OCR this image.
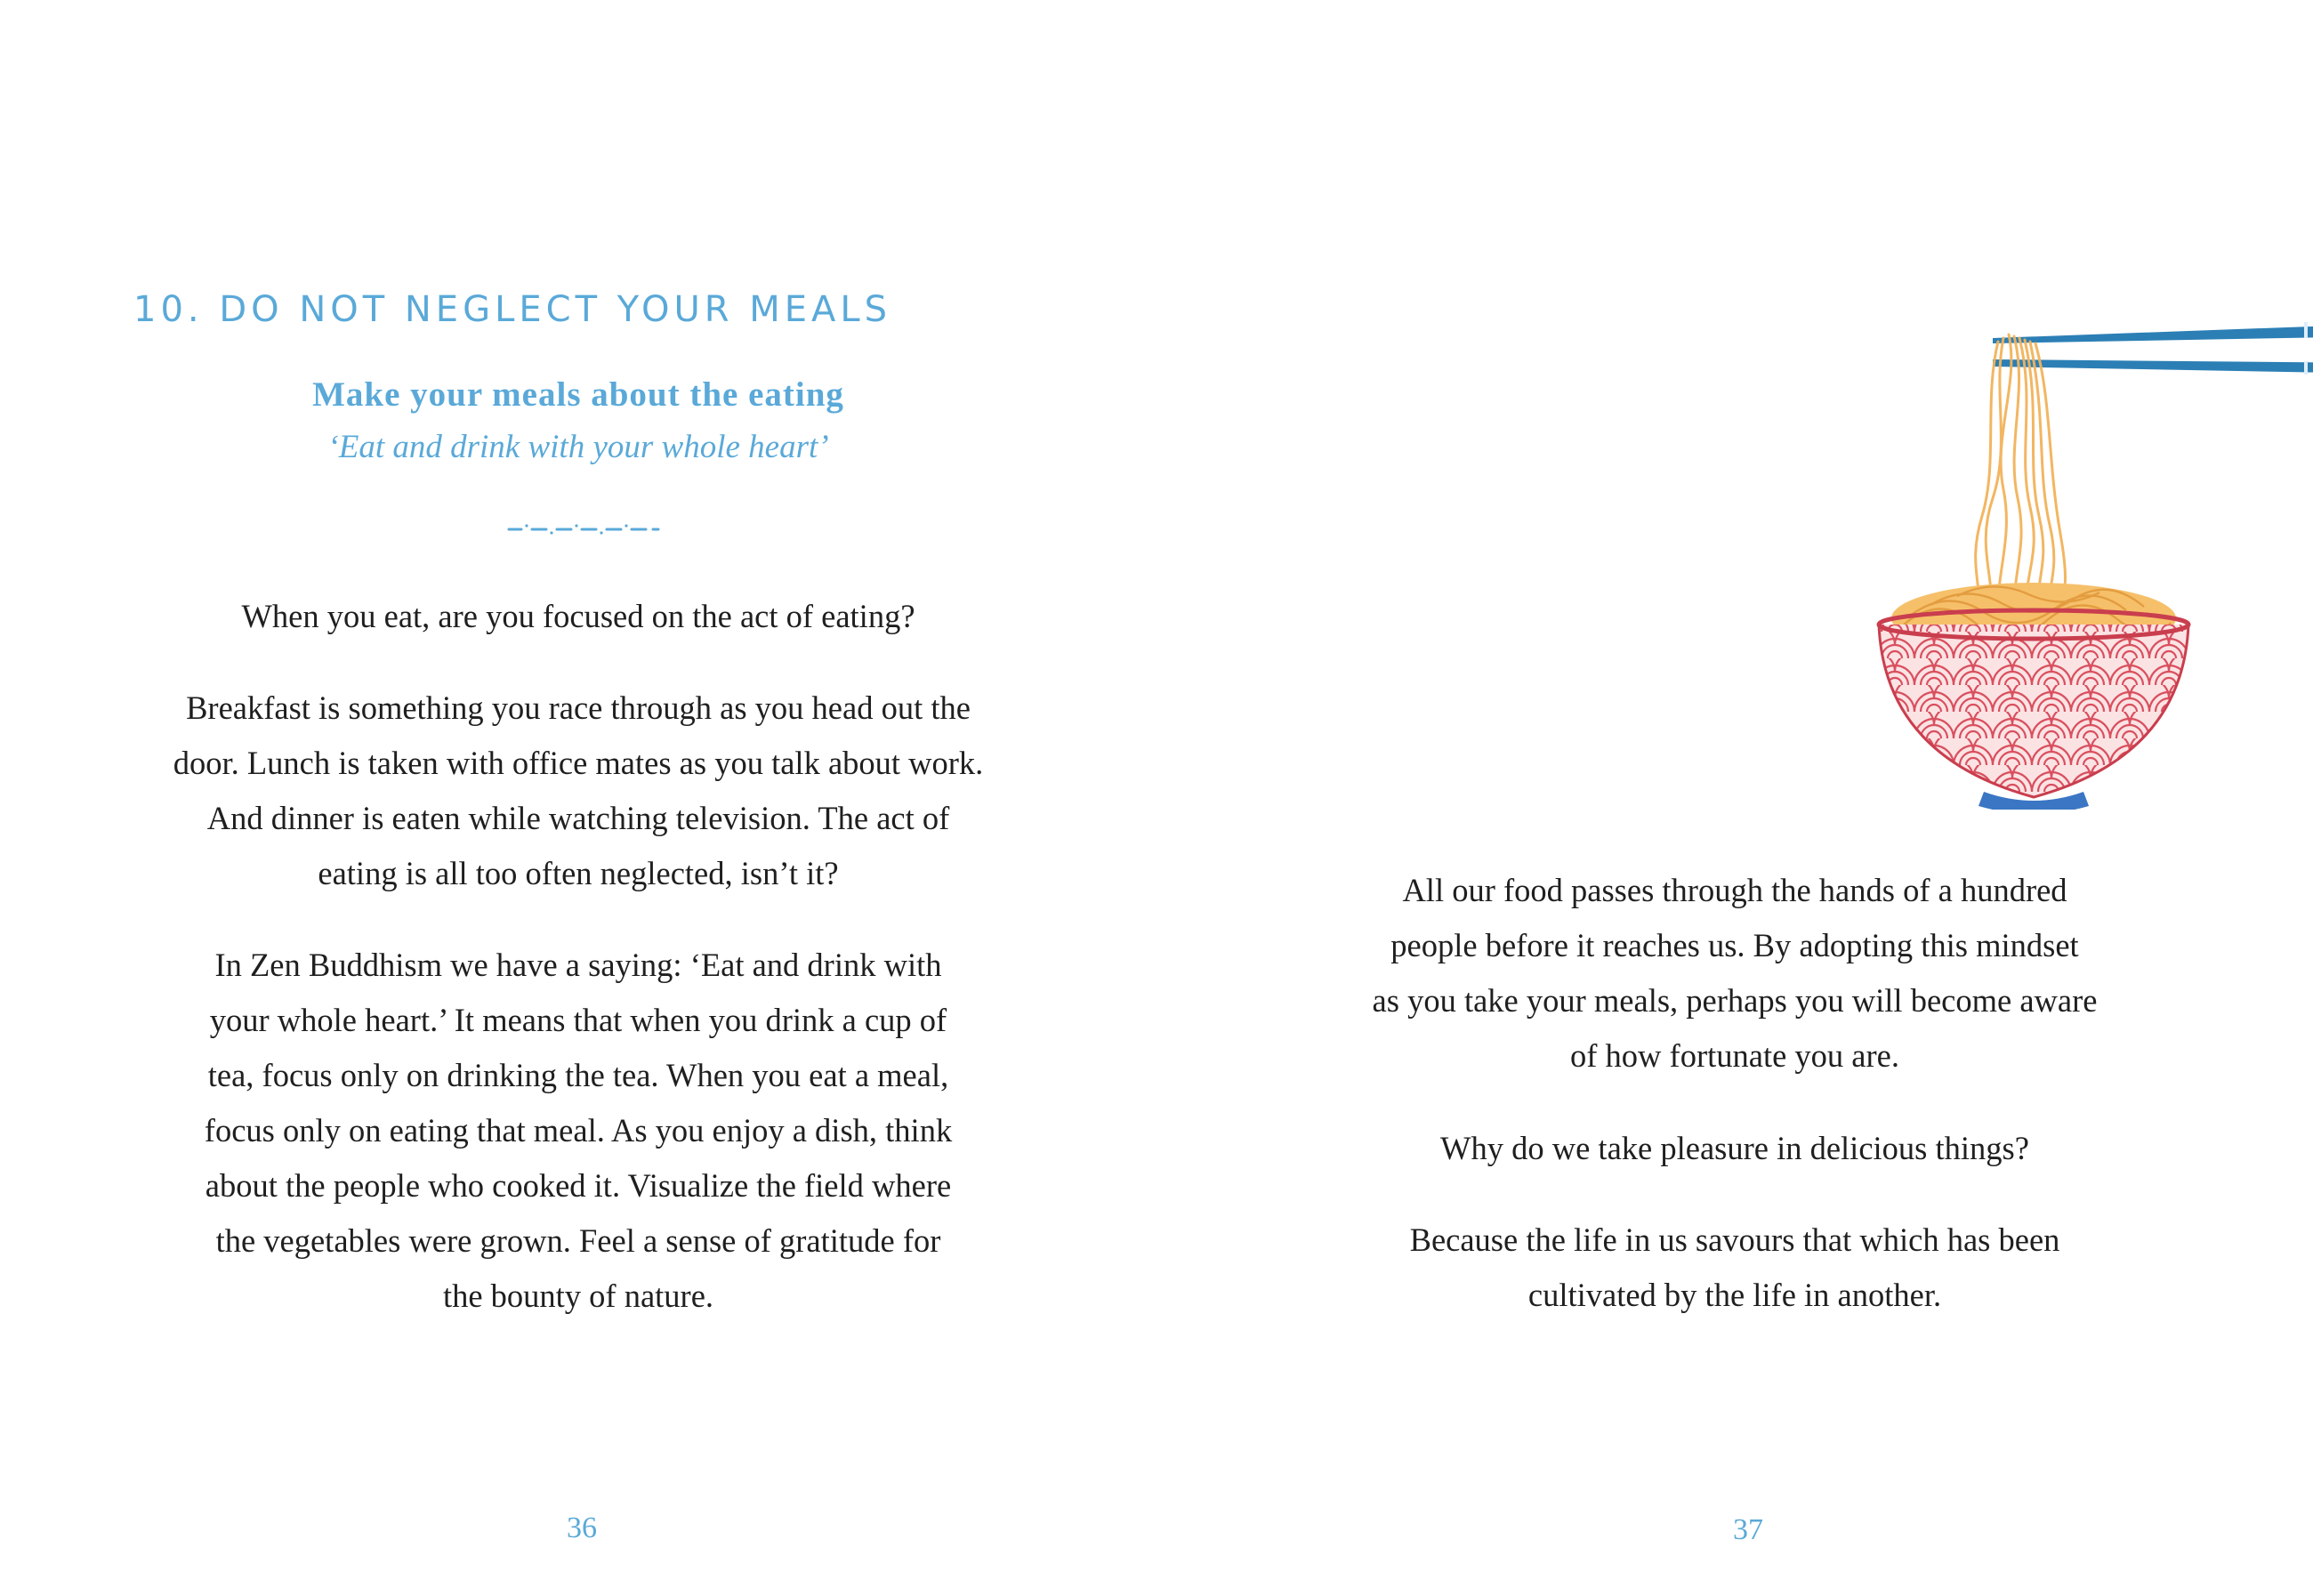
10. DO NOT NEGLECT YOUR MEALS
Make your meals about the eating
‘Eat and drink with your whole heart’

When you eat, are you focused on the act of eating?

Breakfast is something you race through as you head out the
door. Lunch is taken with office mates as you talk about work.
And dinner is eaten while watching television. The act of
eating is all too often neglected, isn’t it?

In Zen Buddhism we have a saying: ‘Eat and drink with
your whole heart.’ It means that when you drink a cup of
tea, focus only on drinking the tea. When you eat a meal,
focus only on eating that meal. As you enjoy a dish, think
about the people who cooked it. Visualize the field where
the vegetables were grown. Feel a sense of gratitude for
the bounty of nature.

36

All our food passes through the hands of a hundred
people before it reaches us. By adopting this mindset
as you take your meals, perhaps you will become aware
of how fortunate you are.

Why do we take pleasure in delicious things?

Because the life in us savours that which has been
cultivated by the life in another.

37
